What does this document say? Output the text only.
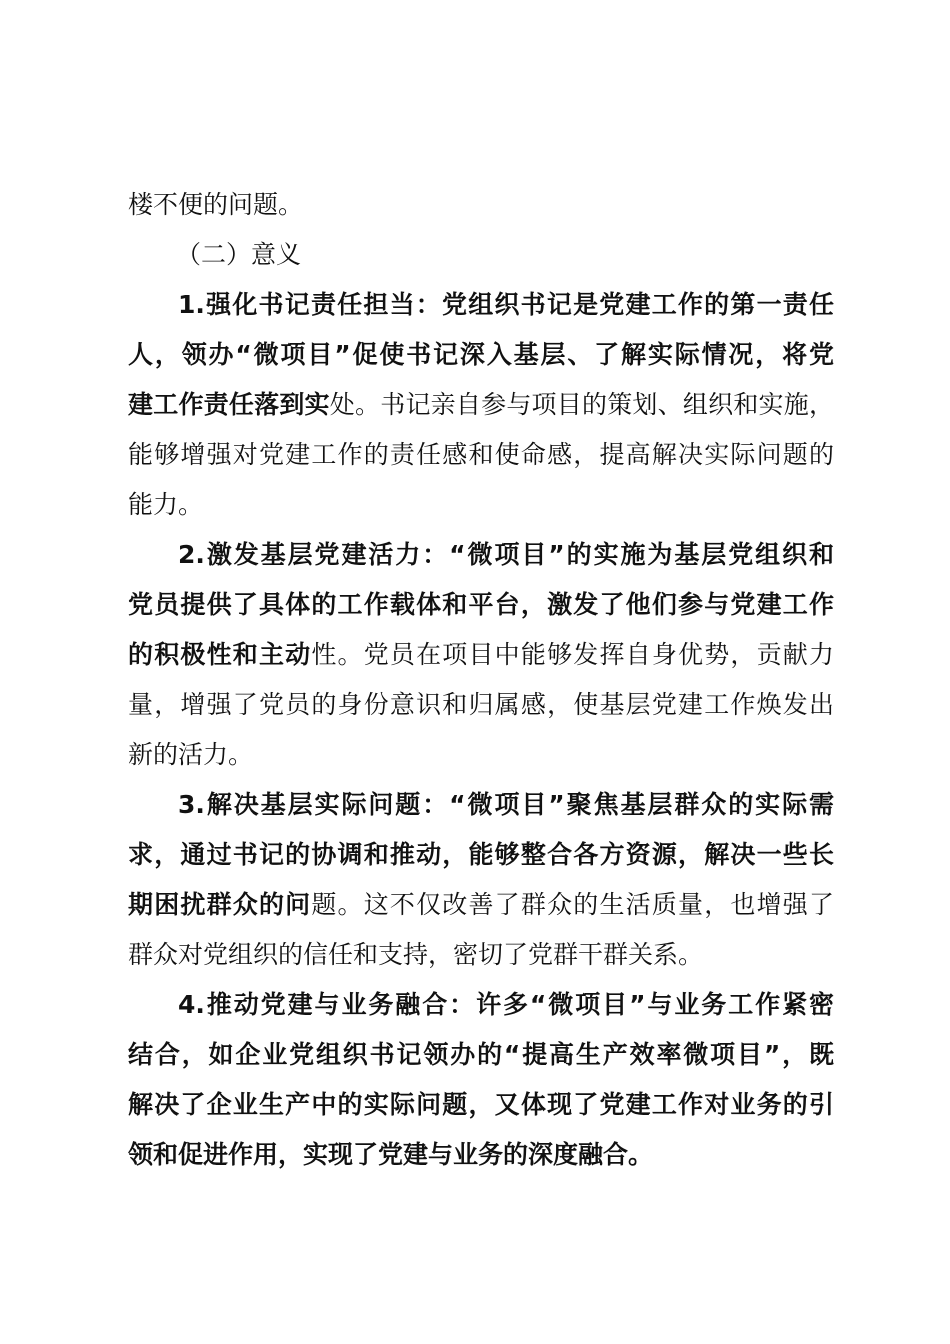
楼不便的问题。
（二）意义
1.强化书记责任担当：党组织书记是党建工作的第一责任
人，领办“微项目”促使书记深入基层、了解实际情况，将党
建工作责任落到实处。书记亲自参与项目的策划、组织和实施，
能够增强对党建工作的责任感和使命感，提高解决实际问题的
能力。
2.激发基层党建活力：“微项目”的实施为基层党组织和
党员提供了具体的工作载体和平台，激发了他们参与党建工作
的积极性和主动性。党员在项目中能够发挥自身优势，贡献力
量，增强了党员的身份意识和归属感，使基层党建工作焕发出
新的活力。
3.解决基层实际问题：“微项目”聚焦基层群众的实际需
求，通过书记的协调和推动，能够整合各方资源，解决一些长
期困扰群众的问题。这不仅改善了群众的生活质量，也增强了
群众对党组织的信任和支持，密切了党群干群关系。
4.推动党建与业务融合：许多“微项目”与业务工作紧密
结合，如企业党组织书记领办的“提高生产效率微项目”，既
解决了企业生产中的实际问题，又体现了党建工作对业务的引
领和促进作用，实现了党建与业务的深度融合。
